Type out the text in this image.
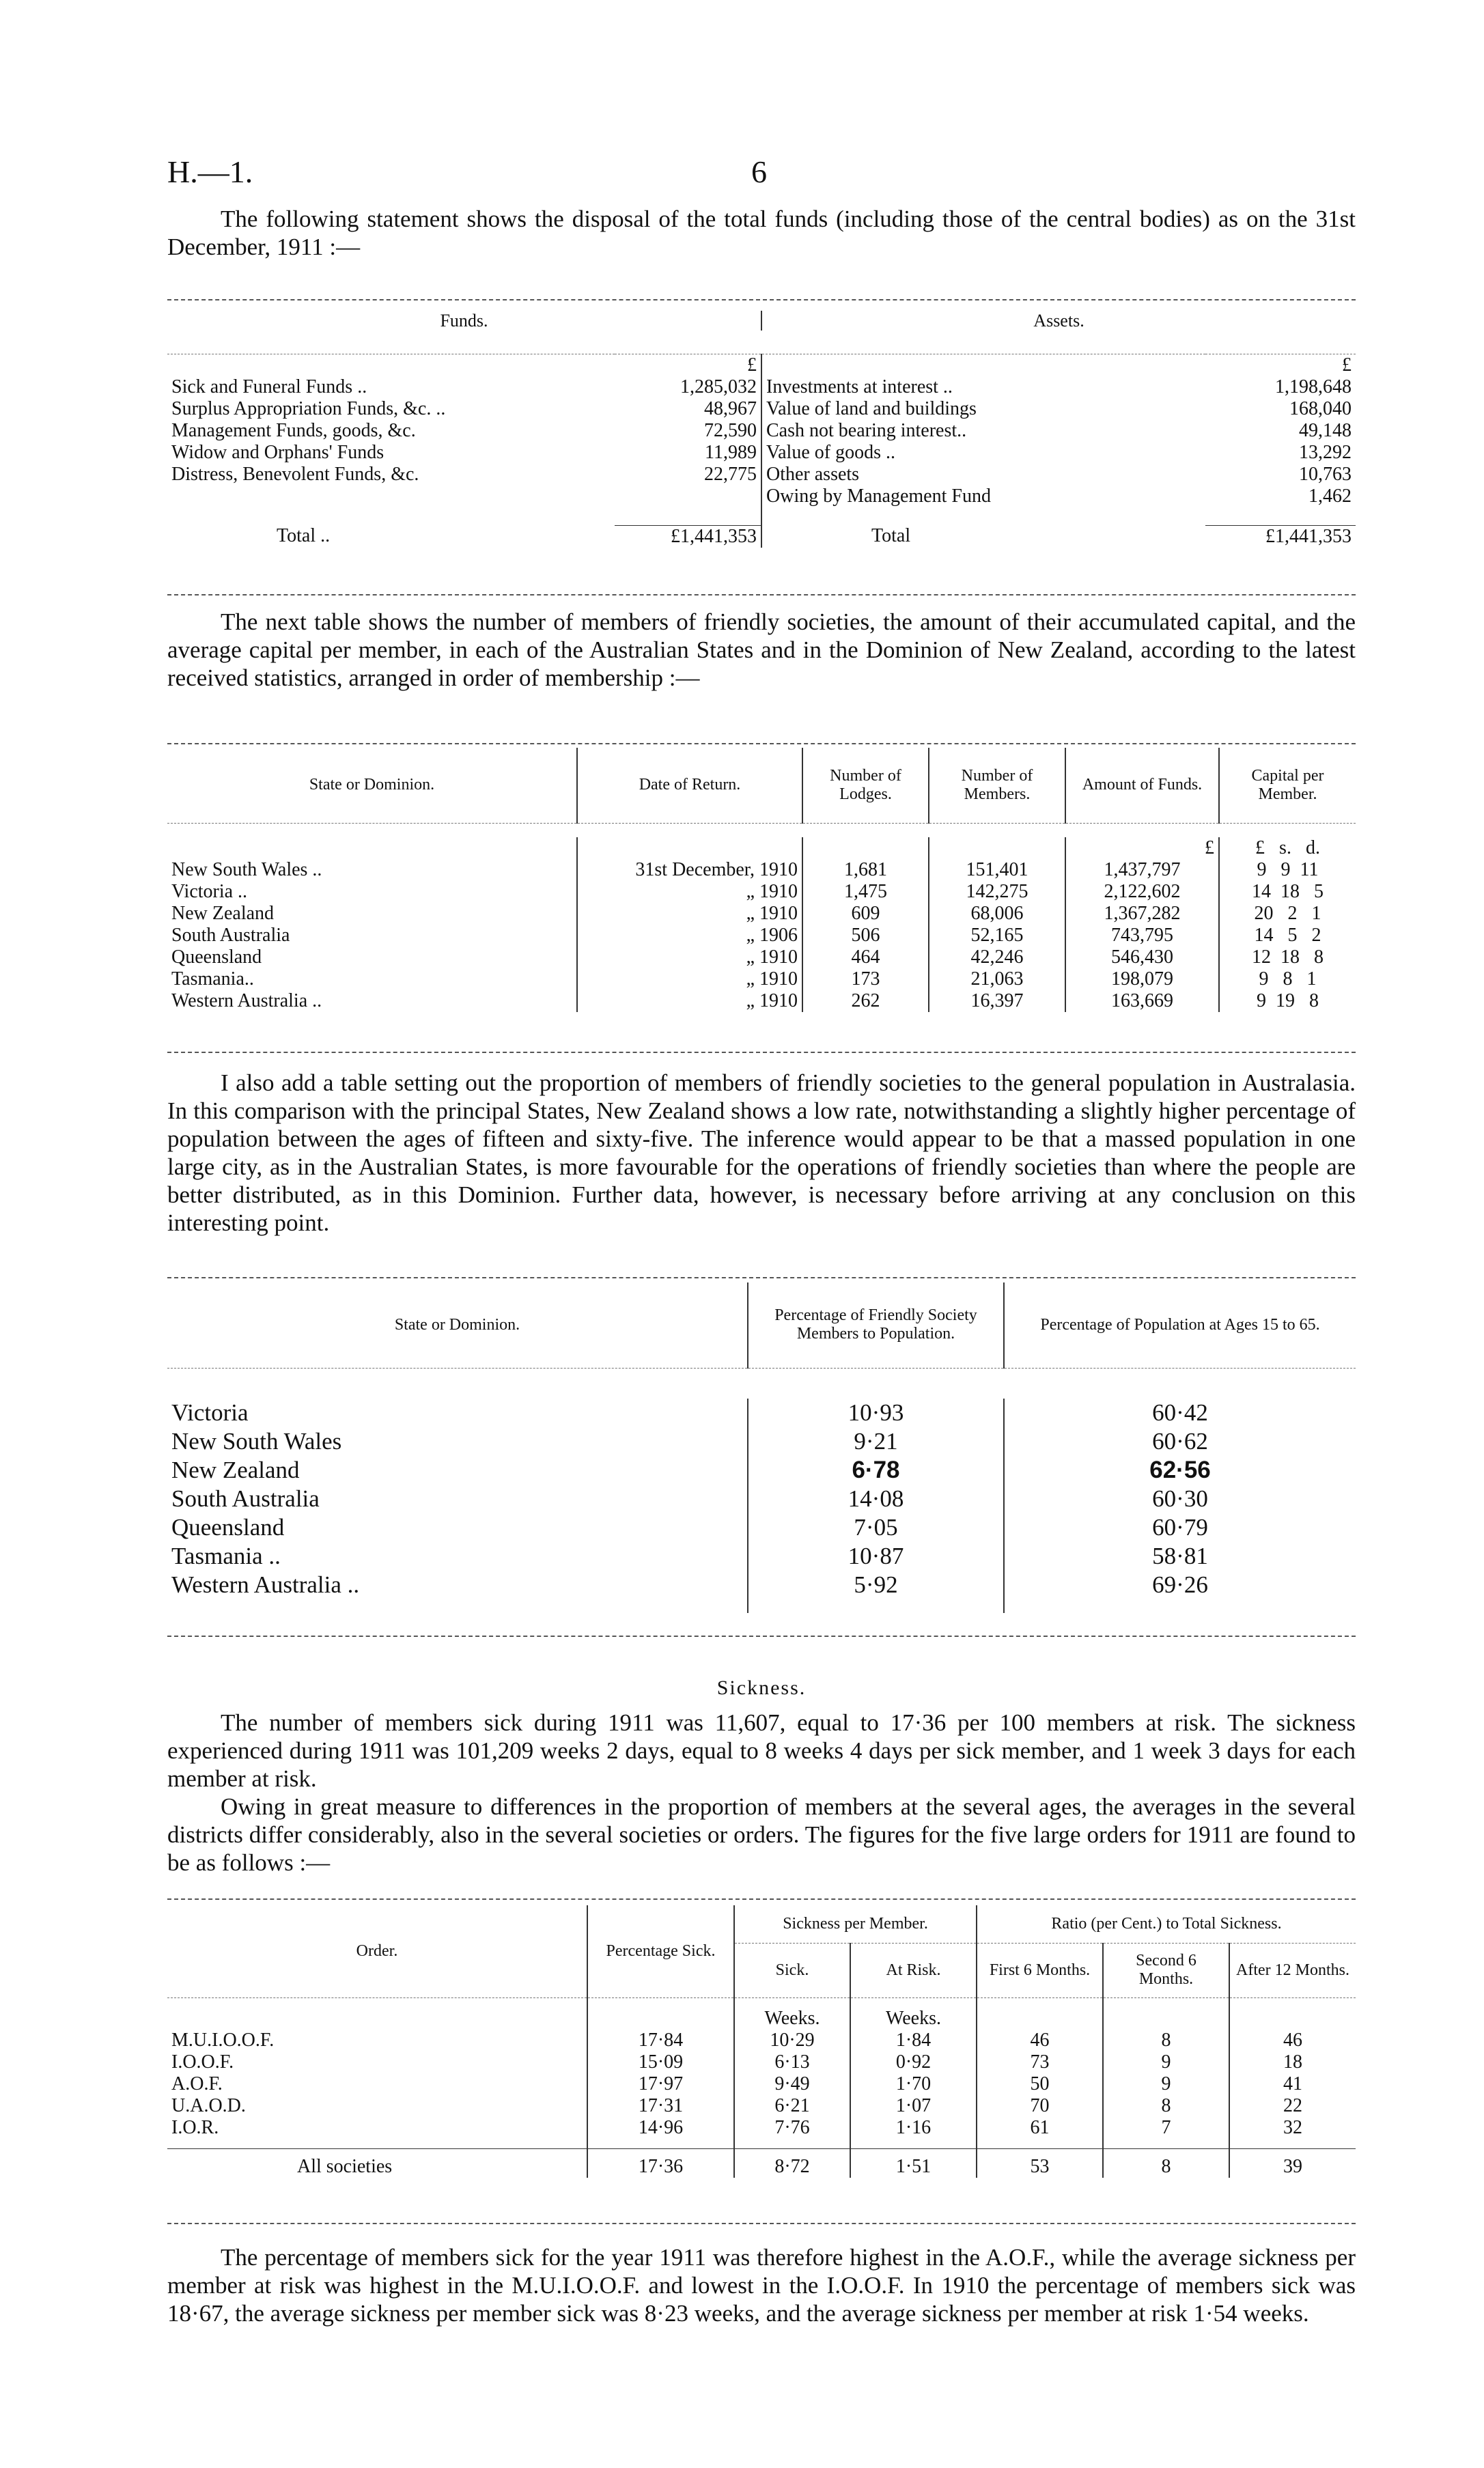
H.—1.	6

The following statement shows the disposal of the total funds (including those of the central bodies) as on the 31st December, 1911 :—

Funds.		Assets.	

	£		£
Sick and Funeral Funds ..	1,285,032	Investments at interest ..	1,198,648
Surplus Appropriation Funds, &c. ..	48,967	Value of land and buildings	168,040
Management Funds, goods, &c.	72,590	Cash not bearing interest..	49,148
Widow and Orphans' Funds	11,989	Value of goods ..	13,292
Distress, Benevolent Funds, &c.	22,775	Other assets	10,763
		Owing by Management Fund	1,462

Total ..	£1,441,353	Total	£1,441,353

The next table shows the number of members of friendly societies, the amount of their accumulated capital, and the average capital per member, in each of the Australian States and in the Dominion of New Zealand, according to the latest received statistics, arranged in order of membership :—

State or Dominion.	Date of Return.	Number of Lodges.	Number of Members.	Amount of Funds.	Capital per Member.

				£	£   s.   d.
New South Wales ..	31st December, 1910	1,681	151,401	1,437,797	9   9  11
Victoria ..	„ 1910	1,475	142,275	2,122,602	14  18   5
New Zealand	„ 1910	609	68,006	1,367,282	20   2   1
South Australia	„ 1906	506	52,165	743,795	14   5   2
Queensland	„ 1910	464	42,246	546,430	12  18   8
Tasmania..	„ 1910	173	21,063	198,079	9   8   1
Western Australia ..	„ 1910	262	16,397	163,669	9  19   8

I also add a table setting out the proportion of members of friendly societies to the general population in Australasia. In this comparison with the principal States, New Zealand shows a low rate, notwithstanding a slightly higher percentage of population between the ages of fifteen and sixty-five. The inference would appear to be that a massed population in one large city, as in the Australian States, is more favourable for the operations of friendly societies than where the people are better distributed, as in this Dominion. Further data, however, is necessary before arriving at any conclusion on this interesting point.

State or Dominion.	Percentage of Friendly Society Members to Population.	Percentage of Population at Ages 15 to 65.

Victoria	10·93	60·42
New South Wales	9·21	60·62
New Zealand	6·78	62·56
South Australia	14·08	60·30
Queensland	7·05	60·79
Tasmania ..	10·87	58·81
Western Australia ..	5·92	69·26

Sickness.

The number of members sick during 1911 was 11,607, equal to 17·36 per 100 members at risk. The sickness experienced during 1911 was 101,209 weeks 2 days, equal to 8 weeks 4 days per sick member, and 1 week 3 days for each member at risk.

Owing in great measure to differences in the proportion of members at the several ages, the averages in the several districts differ considerably, also in the several societies or orders. The figures for the five large orders for 1911 are found to be as follows :—

Order.	Percentage Sick.	Sickness per Member.		Ratio (per Cent.) to Total Sickness.		
		Sick.	At Risk.	First 6 Months.	Second 6 Months.	After 12 Months.
		Weeks.	Weeks.			
M.U.I.O.O.F.	17·84	10·29	1·84	46	8	46
I.O.O.F.	15·09	6·13	0·92	73	9	18
A.O.F.	17·97	9·49	1·70	50	9	41
U.A.O.D.	17·31	6·21	1·07	70	8	22
I.O.R.	14·96	7·76	1·16	61	7	32

All societies	17·36	8·72	1·51	53	8	39

The percentage of members sick for the year 1911 was therefore highest in the A.O.F., while the average sickness per member at risk was highest in the M.U.I.O.O.F. and lowest in the I.O.O.F. In 1910 the percentage of members sick was 18·67, the average sickness per member sick was 8·23 weeks, and the average sickness per member at risk 1·54 weeks.
